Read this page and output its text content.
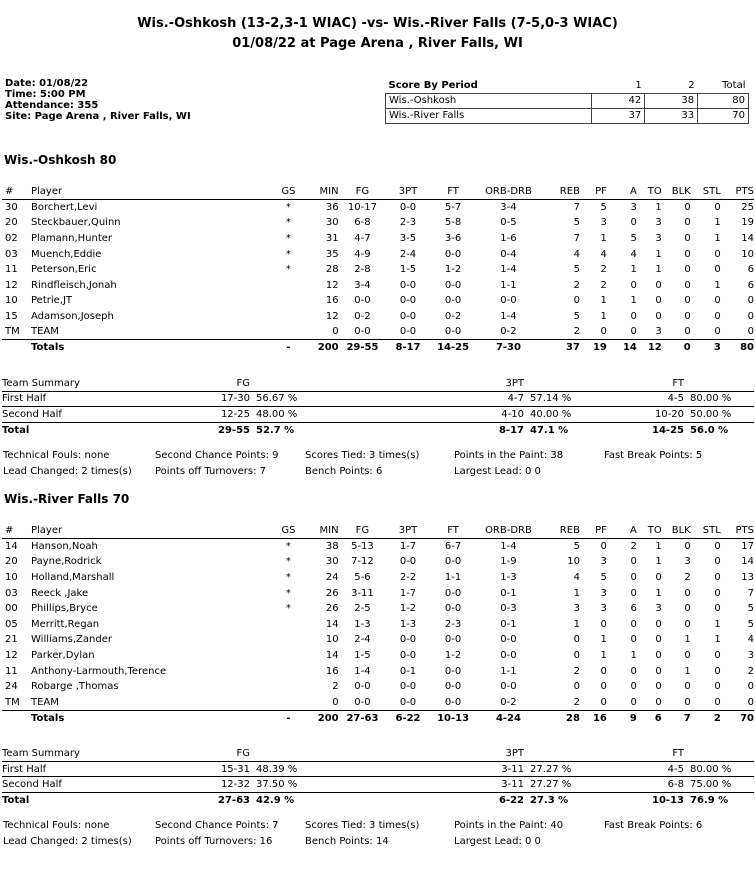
Wis.-Oshkosh (13-2,3-1 WIAC) -vs- Wis.-River Falls (7-5,0-3 WIAC)
01/08/22 at Page Arena , River Falls, WI
Date: 01/08/22
Time: 5:00 PM
Attendance: 355
Site: Page Arena , River Falls, WI
Score By Period	1	2	Total
Wis.-Oshkosh	42	38	80
Wis.-River Falls	37	33	70
Wis.-Oshkosh 80
#	Player	GS	MIN	FG	3PT	FT	ORB-DRB	REB	PF	A	TO	BLK	STL	PTS
30	Borchert,Levi	*	36	10-17	0-0	5-7	3-4	7	5	3	1	0	0	25
20	Steckbauer,Quinn	*	30	6-8	2-3	5-8	0-5	5	3	0	3	0	1	19
02	Plamann,Hunter	*	31	4-7	3-5	3-6	1-6	7	1	5	3	0	1	14
03	Muench,Eddie	*	35	4-9	2-4	0-0	0-4	4	4	4	1	0	0	10
11	Peterson,Eric	*	28	2-8	1-5	1-2	1-4	5	2	1	1	0	0	6
12	Rindfleisch,Jonah		12	3-4	0-0	0-0	1-1	2	2	0	0	0	1	6
10	Petrie,JT		16	0-0	0-0	0-0	0-0	0	1	1	0	0	0	0
15	Adamson,Joseph		12	0-2	0-0	0-2	1-4	5	1	0	0	0	0	0
TM	TEAM		0	0-0	0-0	0-0	0-2	2	0	0	3	0	0	0
	Totals	-	200	29-55	8-17	14-25	7-30	37	19	14	12	0	3	80
Team Summary	FG		3PT		FT	
First Half	17-30	56.67 %	4-7	57.14 %	4-5	80.00 %
Second Half	12-25	48.00 %	4-10	40.00 %	10-20	50.00 %
Total	29-55	52.7 %	8-17	47.1 %	14-25	56.0 %
Technical Fouls: none	Second Chance Points: 9	Scores Tied: 3 times(s)	Points in the Paint: 38	Fast Break Points: 5
Lead Changed: 2 times(s) Points off Turnovers: 7	Bench Points: 6	Largest Lead: 0 0
Wis.-River Falls 70
#	Player	GS	MIN	FG	3PT	FT	ORB-DRB	REB	PF	A	TO	BLK	STL	PTS
14	Hanson,Noah	*	38	5-13	1-7	6-7	1-4	5	0	2	1	0	0	17
20	Payne,Rodrick	*	30	7-12	0-0	0-0	1-9	10	3	0	1	3	0	14
10	Holland,Marshall	*	24	5-6	2-2	1-1	1-3	4	5	0	0	2	0	13
03	Reeck ,Jake	*	26	3-11	1-7	0-0	0-1	1	3	0	1	0	0	7
00	Phillips,Bryce	*	26	2-5	1-2	0-0	0-3	3	3	6	3	0	0	5
05	Merritt,Regan		14	1-3	1-3	2-3	0-1	1	0	0	0	0	1	5
21	Williams,Zander		10	2-4	0-0	0-0	0-0	0	1	0	0	1	1	4
12	Parker,Dylan		14	1-5	0-0	1-2	0-0	0	1	1	0	0	0	3
11	Anthony-Larmouth,Terence		16	1-4	0-1	0-0	1-1	2	0	0	0	1	0	2
24	Robarge ,Thomas		2	0-0	0-0	0-0	0-0	0	0	0	0	0	0	0
TM	TEAM		0	0-0	0-0	0-0	0-2	2	0	0	0	0	0	0
	Totals	-	200	27-63	6-22	10-13	4-24	28	16	9	6	7	2	70
Team Summary	FG		3PT		FT	
First Half	15-31	48.39 %	3-11	27.27 %	4-5	80.00 %
Second Half	12-32	37.50 %	3-11	27.27 %	6-8	75.00 %
Total	27-63	42.9 %	6-22	27.3 %	10-13	76.9 %
Technical Fouls: none	Second Chance Points: 7	Scores Tied: 3 times(s)	Points in the Paint: 40	Fast Break Points: 6
Lead Changed: 2 times(s) Points off Turnovers: 16	Bench Points: 14	Largest Lead: 0 0
